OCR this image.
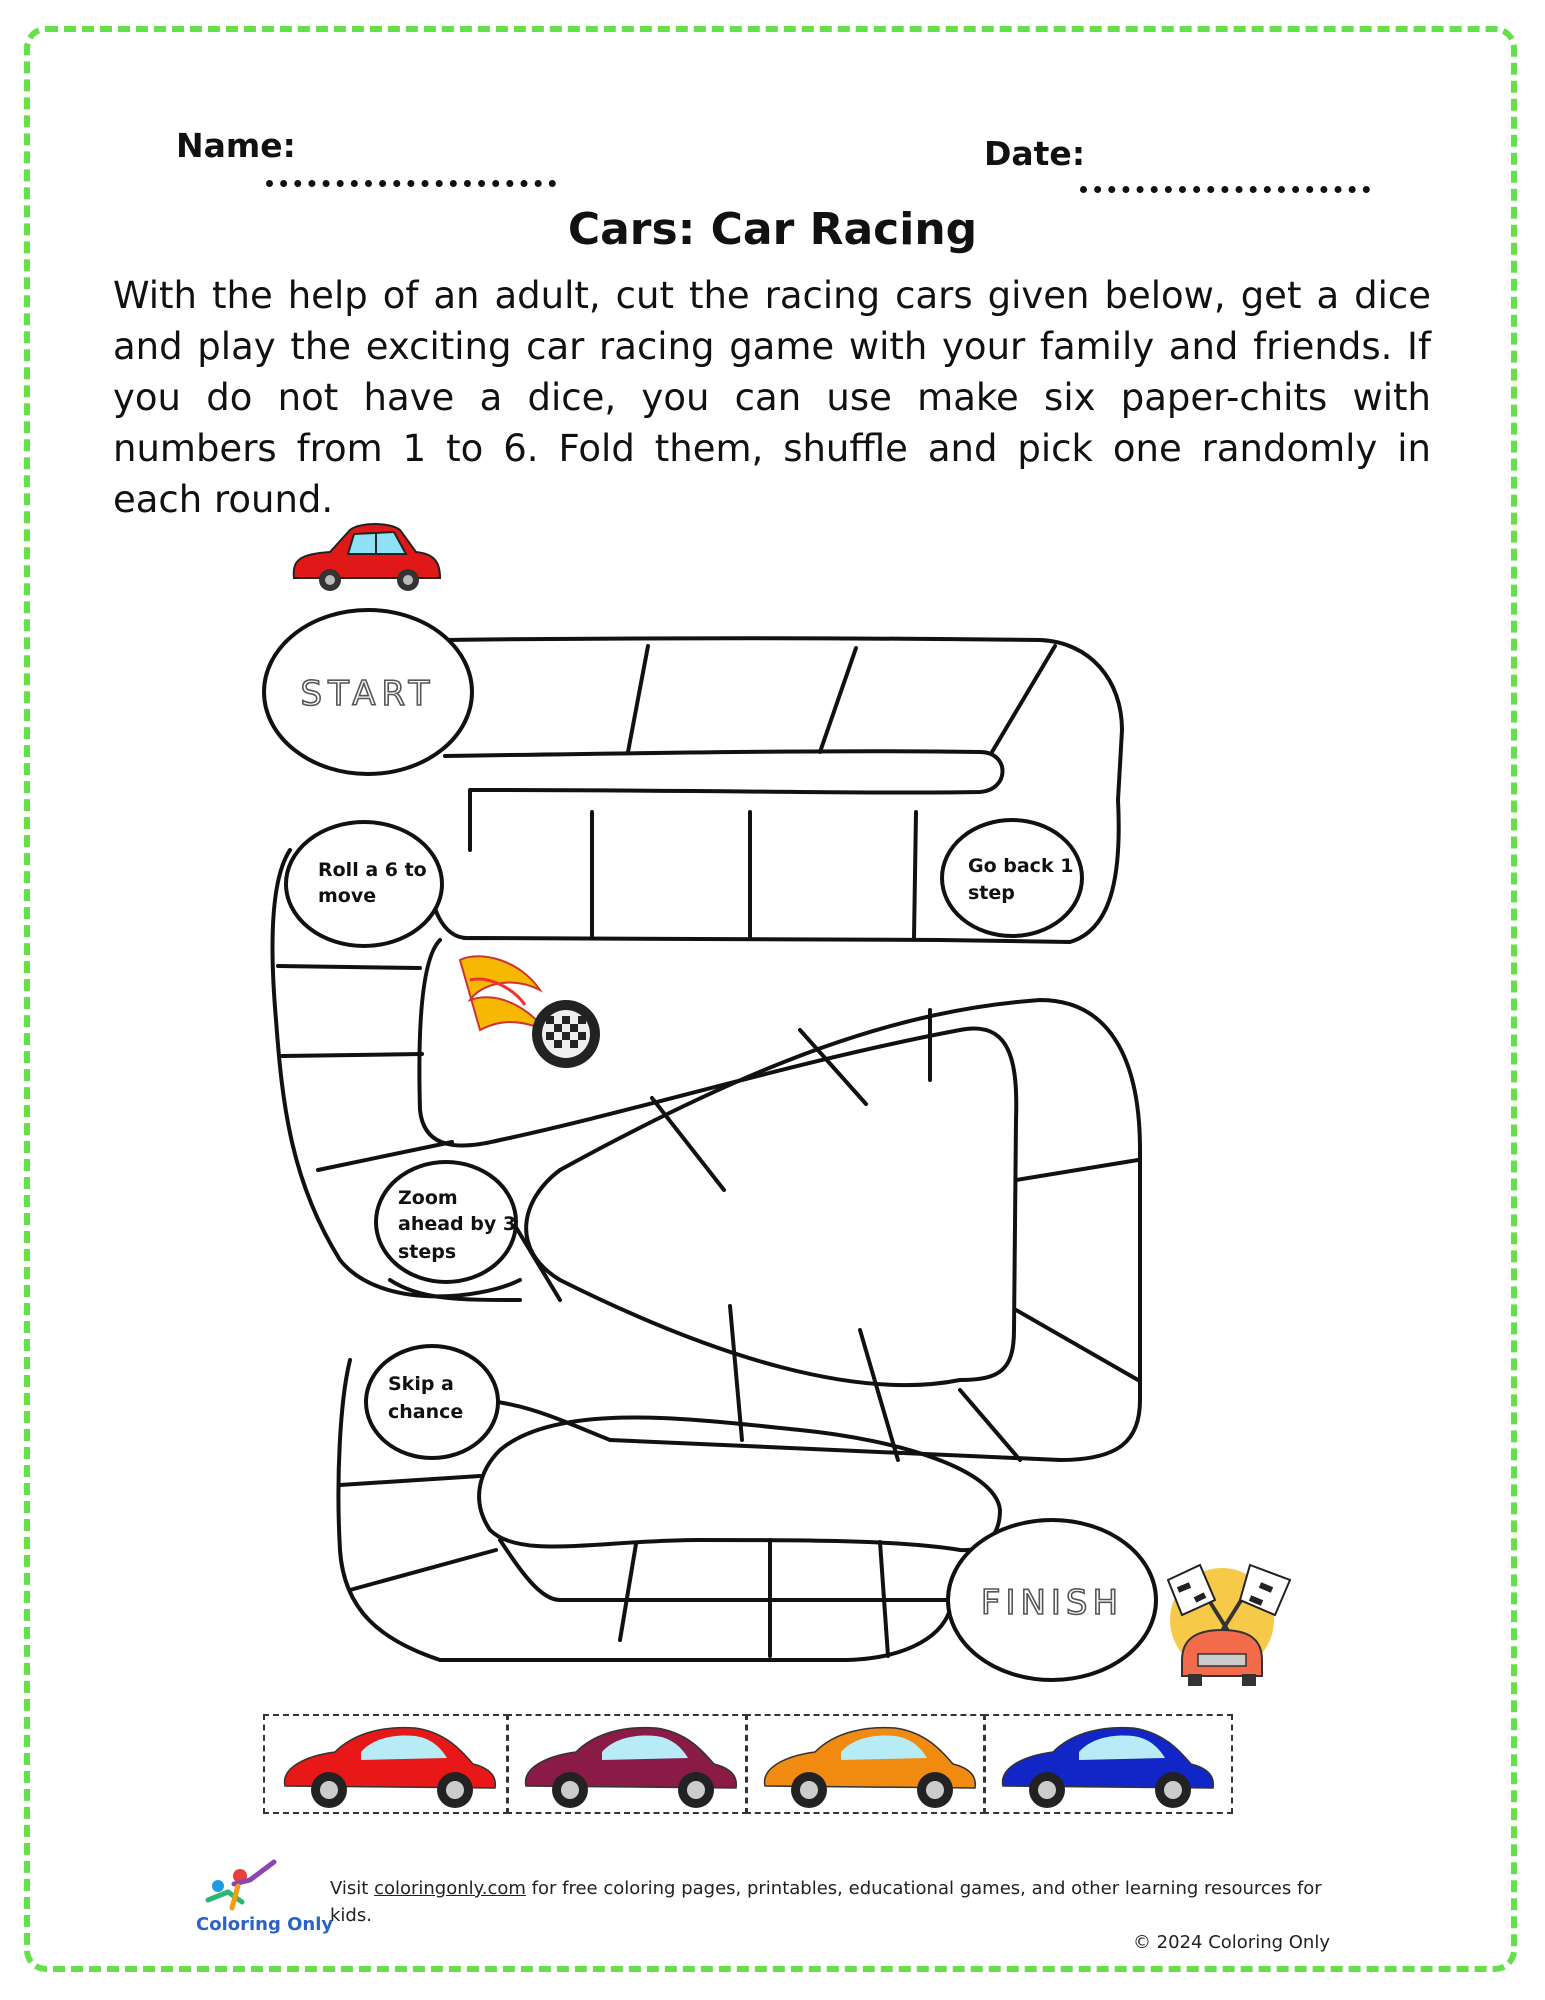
Name:	Date:
Cars: Car Racing
With the help of an adult, cut the racing cars given below, get a dice and play the exciting car racing game with your family and friends. If you do not have a dice, you can use make six paper-chits with numbers from 1 to 6. Fold them, shuffle and pick one randomly in each round.
START
Roll a 6 to move
Go back 1 step
Zoom ahead by 3 steps
Skip a chance
FINISH
Coloring Only
Visit coloringonly.com for free coloring pages, printables, educational games, and other learning resources for kids.
© 2024 Coloring Only
